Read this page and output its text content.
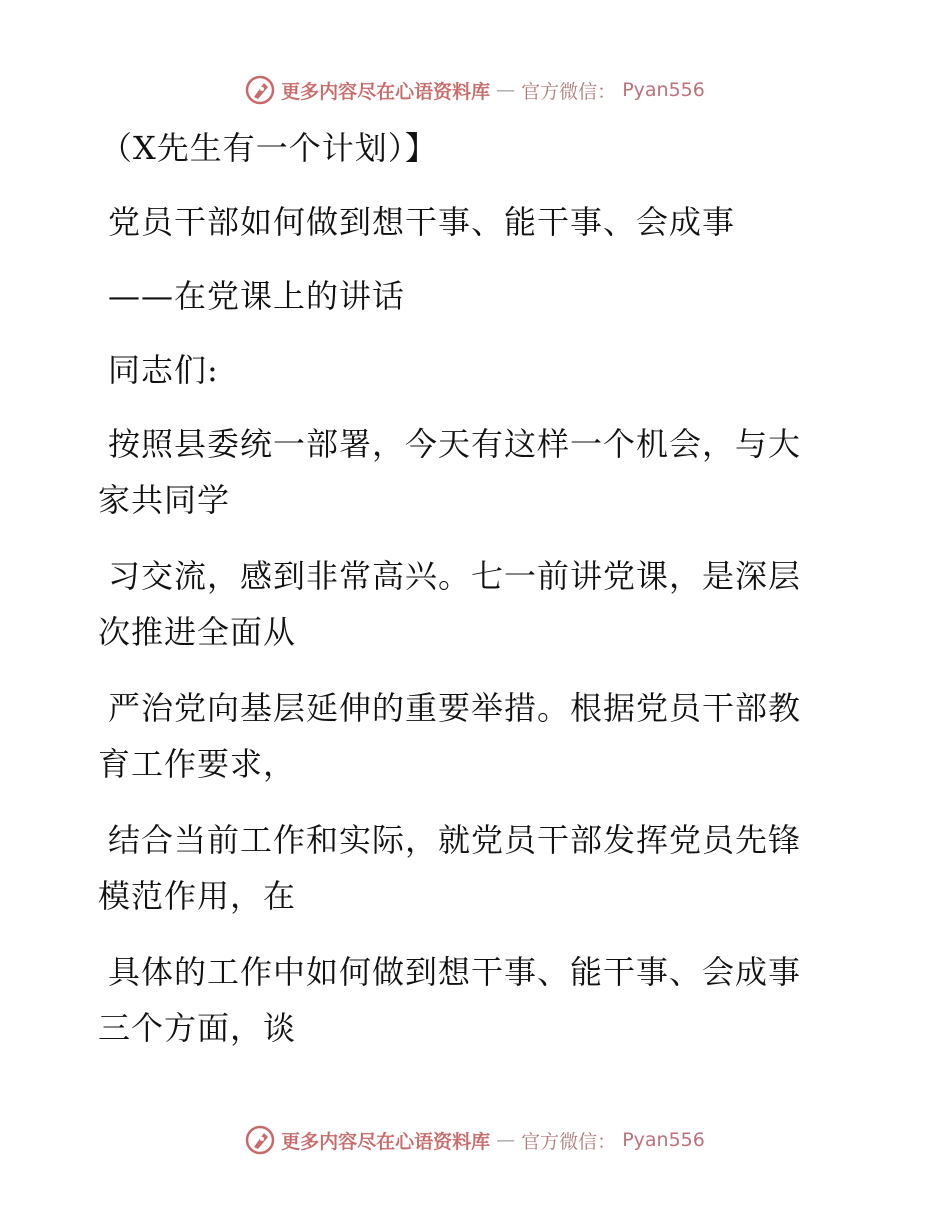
更多内容尽在心语资料库 — 官方微信： Pyan556
（X先生有一个计划）】
党员干部如何做到想干事、能干事、会成事
——在党课上的讲话
同志们:
按照县委统一部署，今天有这样一个机会，与大
家共同学
习交流，感到非常高兴。七一前讲党课，是深层
次推进全面从
严治党向基层延伸的重要举措。根据党员干部教
育工作要求，
结合当前工作和实际，就党员干部发挥党员先锋
模范作用，在
具体的工作中如何做到想干事、能干事、会成事
三个方面，谈
更多内容尽在心语资料库 — 官方微信： Pyan556
